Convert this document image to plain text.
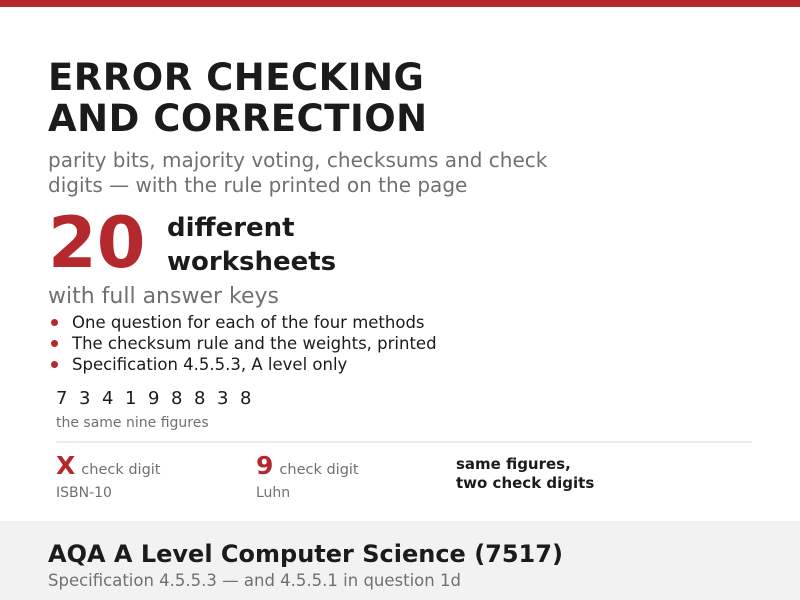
ERROR CHECKING
AND CORRECTION

parity bits, majority voting, checksums and check digits — with the rule printed on the page

20 different
worksheets
with full answer keys
One question for each of the four methods
The checksum rule and the weights, printed
Specification 4.5.5.3, A level only
7 3 4 1 9 8 8 3 8
the same nine figures
X check digit
ISBN-10
9 check digit
Luhn
same figures,
two check digits
AQA A Level Computer Science (7517)
Specification 4.5.5.3 — and 4.5.5.1 in question 1d
